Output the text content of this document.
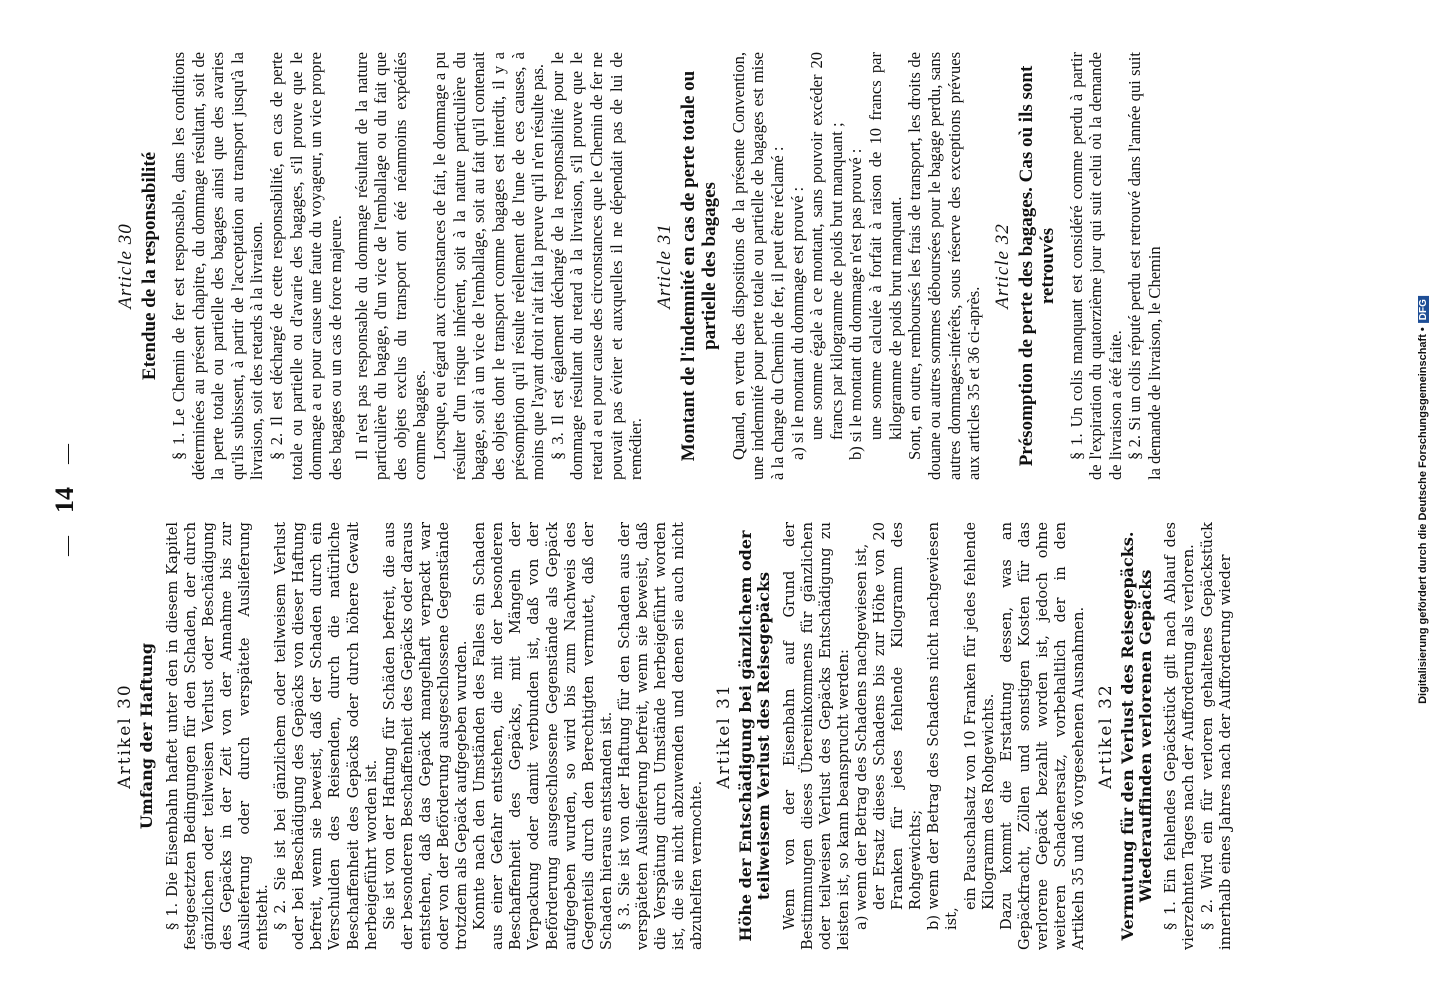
— 14 —
Artikel 30 Umfang der Haftung § 1. Die Eisenbahn haftet unter den in diesem Kapitel festgesetzten Bedingungen für den Schaden, der durch gänzlichen oder teilweisen Verlust oder Beschädigung des Gepäcks in der Zeit von der Annahme bis zur Auslieferung oder durch verspätete Auslieferung entsteht. § 2. Sie ist bei gänzlichem oder teilweisem Verlust oder bei Beschädigung des Gepäcks von dieser Haftung befreit, wenn sie beweist, daß der Schaden durch ein Verschulden des Reisenden, durch die natürliche Beschaffenheit des Gepäcks oder durch höhere Gewalt herbeigeführt worden ist. Sie ist von der Haftung für Schäden befreit, die aus der besonderen Beschaffenheit des Gepäcks oder daraus entstehen, daß das Gepäck mangelhaft verpackt war oder von der Beförderung ausgeschlossene Gegenstände trotzdem als Gepäck aufgegeben wurden. Konnte nach den Umständen des Falles ein Schaden aus einer Gefahr entstehen, die mit der besonderen Beschaffenheit des Gepäcks, mit Mängeln der Verpackung oder damit verbunden ist, daß von der Beförderung ausgeschlossene Gegenstände als Gepäck aufgegeben wurden, so wird bis zum Nachweis des Gegenteils durch den Berechtigten vermutet, daß der Schaden hieraus entstanden ist. § 3. Sie ist von der Haftung für den Schaden aus der verspäteten Auslieferung befreit, wenn sie beweist, daß die Verspätung durch Umstände herbeigeführt worden ist, die sie nicht abzuwenden und denen sie auch nicht abzuhelfen vermochte.

Artikel 31 Höhe der Entschädigung bei gänzlichem oder teilweisem Verlust des Reisegepäcks Wenn von der Eisenbahn auf Grund der Bestimmungen dieses Übereinkommens für gänzlichen oder teilweisen Verlust des Gepäcks Entschädigung zu leisten ist, so kann beansprucht werden: a) wenn der Betrag des Schadens nachgewiesen ist, der Ersatz dieses Schadens bis zur Höhe von 20 Franken für jedes fehlende Kilogramm des Rohgewichts; b) wenn der Betrag des Schadens nicht nachgewiesen ist,

ein Pauschalsatz von 10 Franken für jedes fehlende Kilogramm des Rohgewichts. Dazu kommt die Erstattung dessen, was an Gepäckfracht, Zöllen und sonstigen Kosten für das verlorene Gepäck bezahlt worden ist, jedoch ohne weiteren Schadenersatz, vorbehaltlich der in den Artikeln 35 und 36 vorgesehenen Ausnahmen. Artikel 32 Vermutung für den Verlust des Reisegepäcks. Wiederauffinden verlorenen Gepäcks § 1. Ein fehlendes Gepäckstück gilt nach Ablauf des vierzehnten Tages nach der Aufforderung als verloren. § 2. Wird ein für verloren gehaltenes Gepäckstück innerhalb eines Jahres nach der Aufforderung wieder

Article 30 Etendue de la responsabilité § 1. Le Chemin de fer est responsable, dans les conditions déterminées au présent chapitre, du dommage résultant, soit de la perte totale ou partielle des bagages ainsi que des avaries qu'ils subissent, à partir de l'acceptation au transport jusqu'à la livraison, soit des retards à la livraison. § 2. Il est déchargé de cette responsabilité, en cas de perte totale ou partielle ou d'avarie des bagages, s'il prouve que le dommage a eu pour cause une faute du voyageur, un vice propre des bagages ou un cas de force majeure. Il n'est pas responsable du dommage résultant de la nature particulière du bagage, d'un vice de l'emballage ou du fait que des objets exclus du transport ont été néanmoins expédiés comme bagages. Lorsque, eu égard aux circonstances de fait, le dommage a pu résulter d'un risque inhérent, soit à la nature particulière du bagage, soit à un vice de l'emballage, soit au fait qu'il contenait des objets dont le transport comme bagages est interdit, il y a présomption qu'il résulte réellement de l'une de ces causes, à moins que l'ayant droit n'ait fait la preuve qu'il n'en résulte pas. § 3. Il est également déchargé de la responsabilité pour le dommage résultant du retard à la livraison, s'il prouve que le retard a eu pour cause des circonstances que le Chemin de fer ne pouvait pas éviter et auxquelles il ne dépendait pas de lui de remédier.

Article 31 Montant de l'indemnité en cas de perte totale ou partielle des bagages Quand, en vertu des dispositions de la présente Convention, une indemnité pour perte totale ou partielle de bagages est mise à la charge du Chemin de fer, il peut être réclamé : a) si le montant du dommage est prouvé : une somme égale à ce montant, sans pouvoir excéder 20 francs par kilogramme de poids brut manquant ; b) si le montant du dommage n'est pas prouvé : une somme calculée à forfait à raison de 10 francs par kilogramme de poids brut manquant. Sont, en outre, remboursés les frais de transport, les droits de douane ou autres sommes déboursées pour le bagage perdu, sans autres dommages-intérêts, sous réserve des exceptions prévues aux articles 35 et 36 ci-après.

Article 32 Présomption de perte des bagages. Cas où ils sont retrouvés § 1. Un colis manquant est considéré comme perdu à partir de l'expiration du quatorzième jour qui suit celui où la demande de livraison a été faite. § 2. Si un colis réputé perdu est retrouvé dans l'année qui suit la demande de livraison, le Chemin	Digitalisierung gefördert durch die Deutsche Forschungsgemeinschaft •
DFG
